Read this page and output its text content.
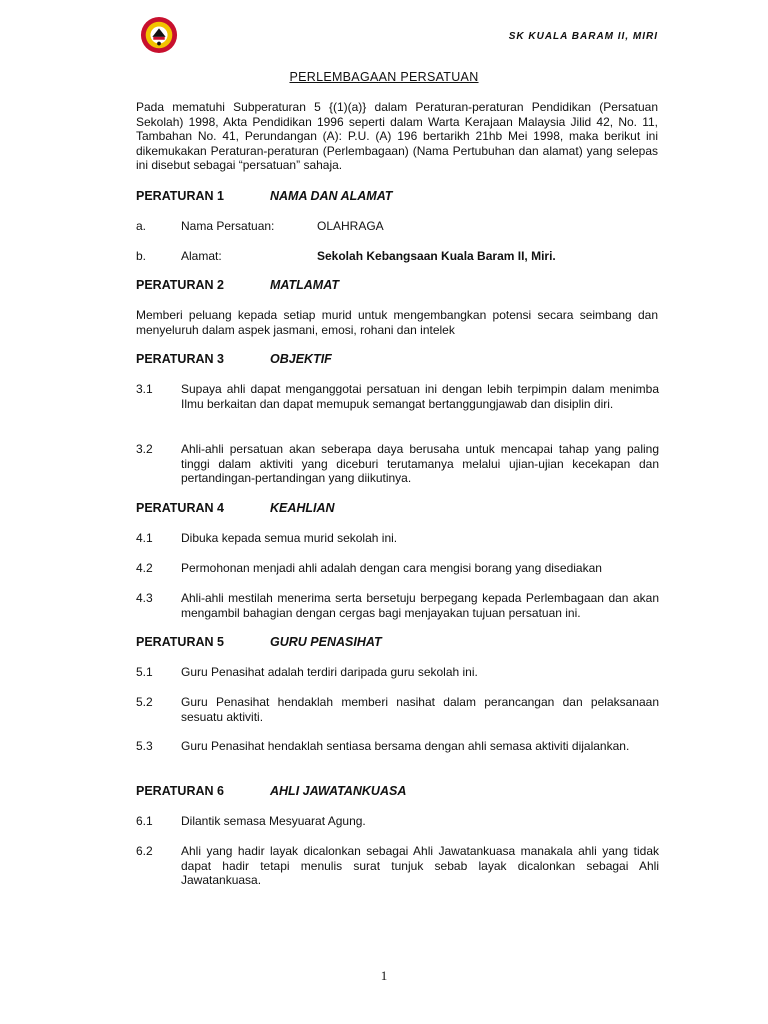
SK KUALA BARAM II, MIRI
PERLEMBAGAAN PERSATUAN
Pada mematuhi Subperaturan 5 {(1)(a)} dalam Peraturan-peraturan Pendidikan (Persatuan Sekolah) 1998, Akta Pendidikan 1996 seperti dalam Warta Kerajaan Malaysia Jilid 42, No. 11, Tambahan No. 41, Perundangan (A): P.U. (A) 196 bertarikh 21hb Mei 1998, maka berikut ini dikemukakan Peraturan-peraturan (Perlembagaan) (Nama Pertubuhan dan alamat) yang selepas ini disebut sebagai “persatuan” sahaja.
PERATURAN 1	NAMA DAN ALAMAT
a.	Nama Persatuan:	OLAHRAGA

b.	Alamat:	Sekolah Kebangsaan Kuala Baram II, Miri.

PERATURAN 2	MATLAMAT
Memberi peluang kepada setiap murid untuk mengembangkan potensi secara seimbang dan menyeluruh dalam aspek jasmani, emosi, rohani dan intelek
PERATURAN 3	OBJEKTIF
3.1 Supaya ahli dapat menganggotai persatuan ini dengan lebih terpimpin dalam menimba Ilmu berkaitan dan dapat memupuk semangat bertanggungjawab dan disiplin diri.
3.2 Ahli-ahli persatuan akan seberapa daya berusaha untuk mencapai tahap yang paling tinggi dalam aktiviti yang diceburi terutamanya melalui ujian-ujian kecekapan dan pertandingan-pertandingan yang diikutinya.
PERATURAN 4	KEAHLIAN
4.1 Dibuka kepada semua murid sekolah ini.
4.2 Permohonan menjadi ahli adalah dengan cara mengisi borang yang disediakan
4.3 Ahli-ahli mestilah menerima serta bersetuju berpegang kepada Perlembagaan dan akan mengambil bahagian dengan cergas bagi menjayakan tujuan persatuan ini.
PERATURAN 5	GURU PENASIHAT
5.1 Guru Penasihat adalah terdiri daripada guru sekolah ini.
5.2 Guru Penasihat hendaklah memberi nasihat dalam perancangan dan pelaksanaan sesuatu aktiviti.
5.3 Guru Penasihat hendaklah sentiasa bersama dengan ahli semasa aktiviti dijalankan.
PERATURAN 6	AHLI JAWATANKUASA
6.1 Dilantik semasa Mesyuarat Agung.
6.2 Ahli yang hadir layak dicalonkan sebagai Ahli Jawatankuasa manakala ahli yang tidak dapat hadir tetapi menulis surat tunjuk sebab layak dicalonkan sebagai Ahli Jawatankuasa.
1
